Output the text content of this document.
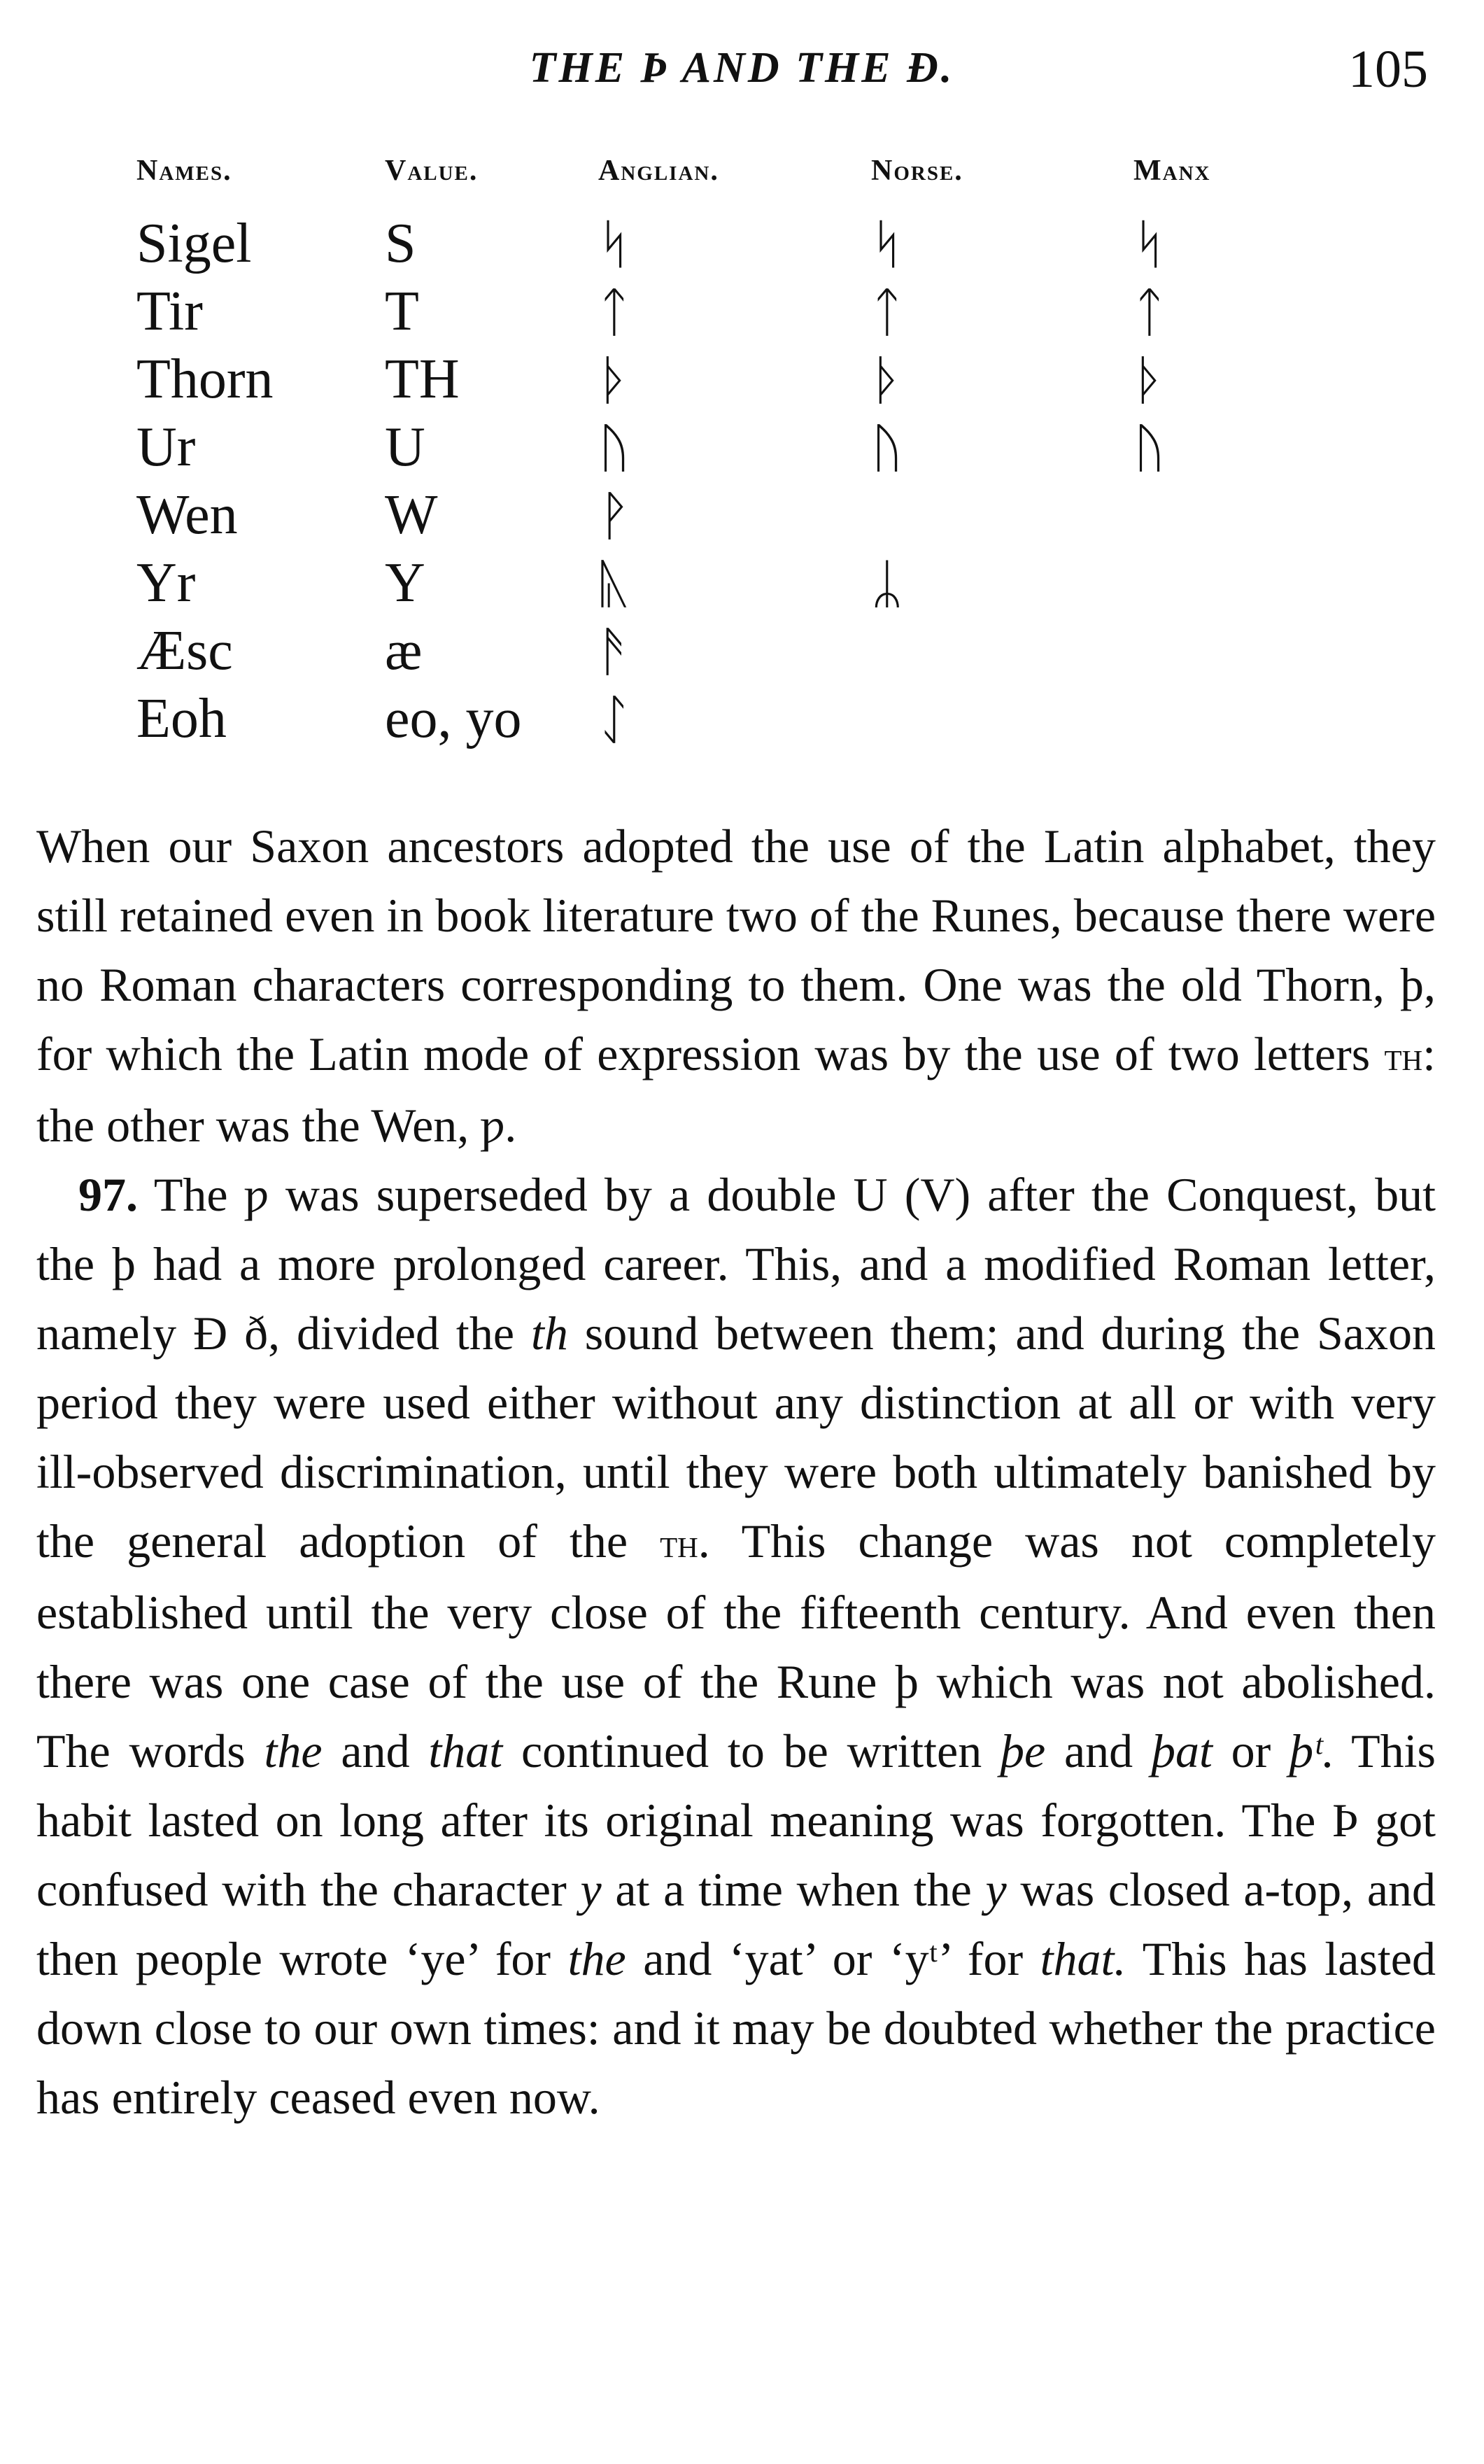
THE Þ AND THE Đ.	105
Names.	Value.	Anglian.	Norse.	Manx
Sigel	S	ᛋ	ᛋ	ᛋ
Tir	T	ᛏ	ᛏ	ᛏ
Thorn	TH	ᚦ	ᚦ	ᚦ
Ur	U	ᚢ	ᚢ	ᚢ
Wen	W	ᚹ		
Yr	Y	ᚣ	ᛦ	
Æsc	æ	ᚫ		
Eoh	eo, yo	ᛇ		

When our Saxon ancestors adopted the use of the Latin alphabet, they still retained even in book literature two of the Runes, because there were no Roman characters corresponding to them. One was the old Thorn, þ, for which the Latin mode of expression was by the use of two letters th: the other was the Wen, ƿ.

97. The ƿ was superseded by a double U (V) after the Conquest, but the þ had a more prolonged career. This, and a modified Roman letter, namely Đ ð, divided the th sound between them; and during the Saxon period they were used either without any distinction at all or with very ill-observed discrimination, until they were both ultimately banished by the general adoption of the th. This change was not completely established until the very close of the fifteenth century. And even then there was one case of the use of the Rune þ which was not abolished. The words the and that continued to be written þe and þat or þᵗ. This habit lasted on long after its original meaning was forgotten. The Þ got confused with the character y at a time when the y was closed a-top, and then people wrote ‘ye’ for the and ‘yat’ or ‘yᵗ’ for that. This has lasted down close to our own times: and it may be doubted whether the practice has entirely ceased even now.
